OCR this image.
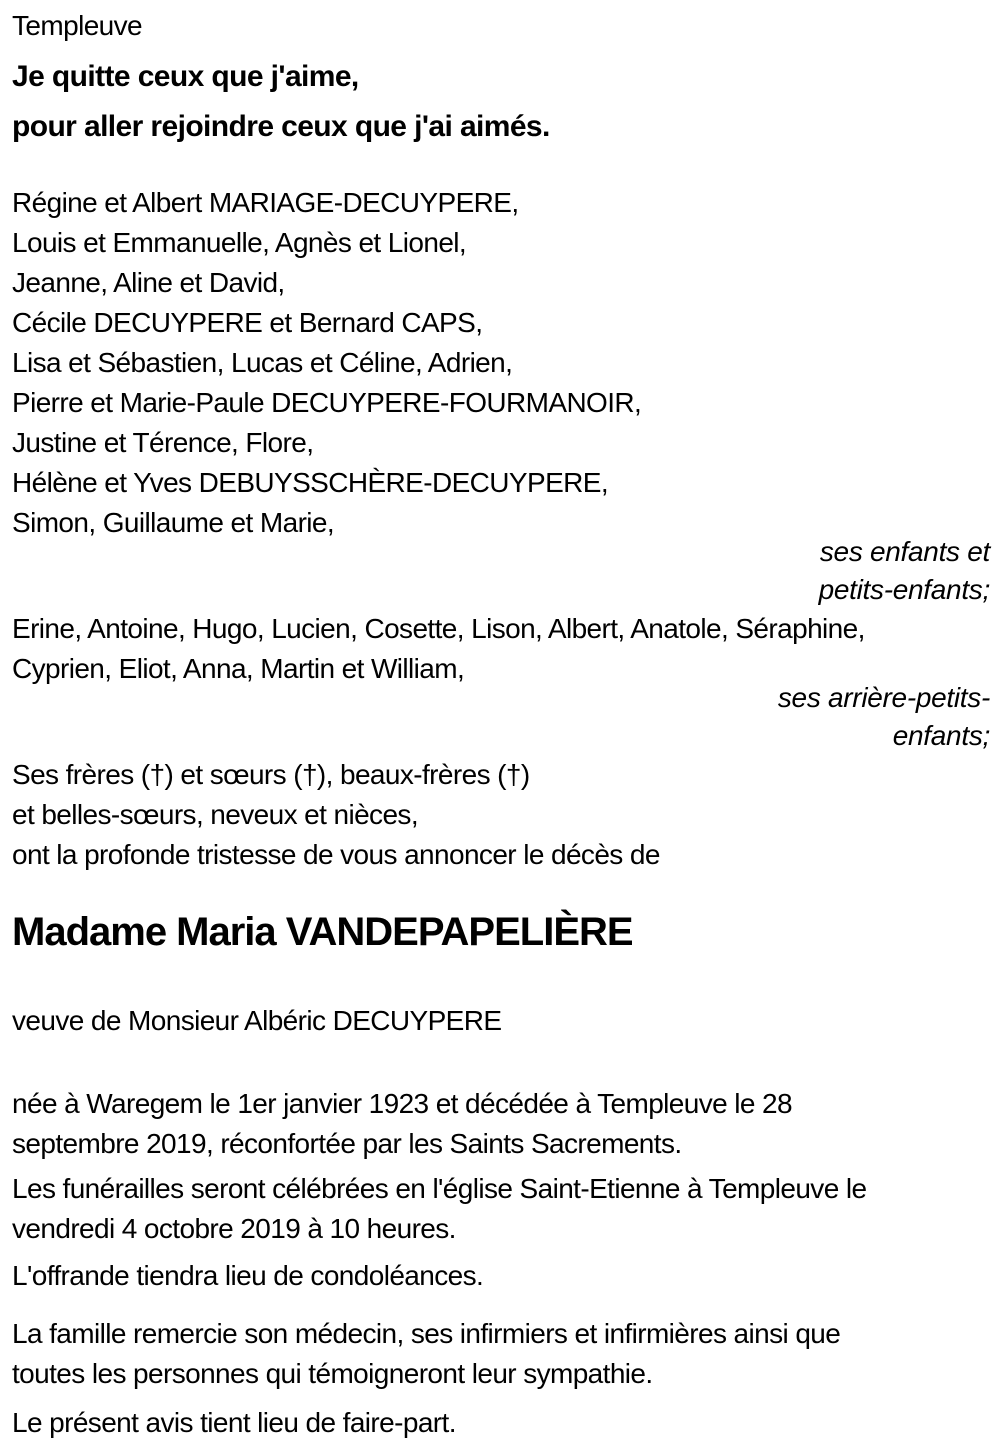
Templeuve
Je quitte ceux que j'aime,
pour aller rejoindre ceux que j'ai aimés.
Régine et Albert MARIAGE-DECUYPERE,
Louis et Emmanuelle, Agnès et Lionel,
Jeanne, Aline et David,
Cécile DECUYPERE et Bernard CAPS,
Lisa et Sébastien, Lucas et Céline, Adrien,
Pierre et Marie-Paule DECUYPERE-FOURMANOIR,
Justine et Térence, Flore,
Hélène et Yves DEBUYSSCHÈRE-DECUYPERE,
Simon, Guillaume et Marie,
ses enfants et
petits-enfants;
Erine, Antoine, Hugo, Lucien, Cosette, Lison, Albert, Anatole, Séraphine,
Cyprien, Eliot, Anna, Martin et William,
ses arrière-petits-
enfants;
Ses frères (†) et sœurs (†), beaux-frères (†)
et belles-sœurs, neveux et nièces,
ont la profonde tristesse de vous annoncer le décès de
Madame Maria VANDEPAPELIÈRE
veuve de Monsieur Albéric DECUYPERE
née à Waregem le 1er janvier 1923 et décédée à Templeuve le 28
septembre 2019, réconfortée par les Saints Sacrements.
Les funérailles seront célébrées en l'église Saint-Etienne à Templeuve le
vendredi 4 octobre 2019 à 10 heures.
L'offrande tiendra lieu de condoléances.
La famille remercie son médecin, ses infirmiers et infirmières ainsi que
toutes les personnes qui témoigneront leur sympathie.
Le présent avis tient lieu de faire-part.
